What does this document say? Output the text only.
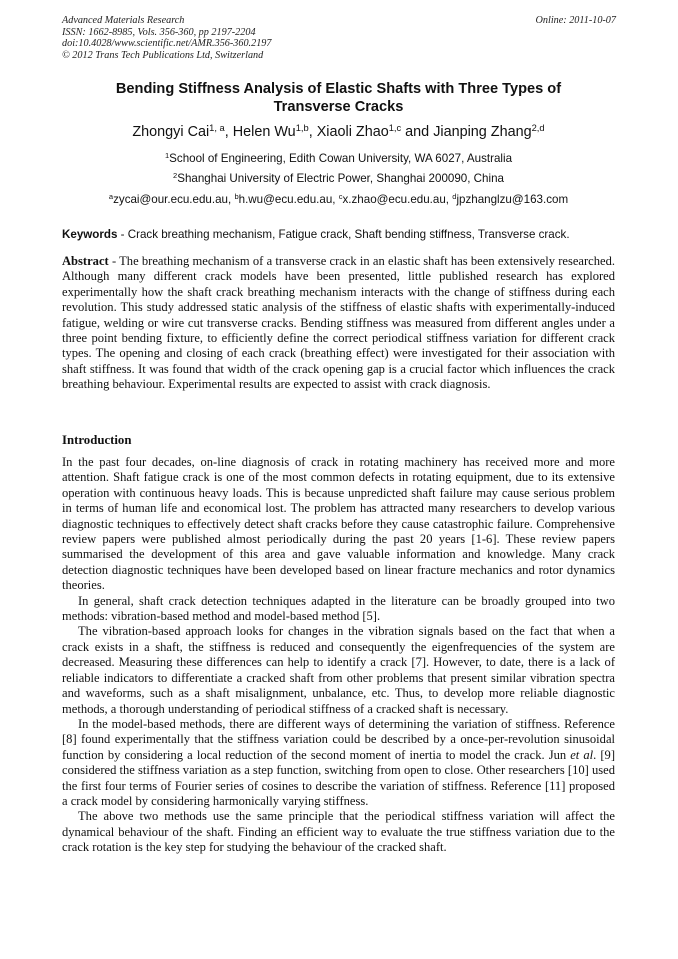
Advanced Materials Research	Online: 2011-10-07
ISSN: 1662-8985, Vols. 356-360, pp 2197-2204
doi:10.4028/www.scientific.net/AMR.356-360.2197
© 2012 Trans Tech Publications Ltd, Switzerland
Bending Stiffness Analysis of Elastic Shafts with Three Types of
Transverse Cracks
Zhongyi Cai$^{1, a}$, Helen Wu$^{1,b}$, Xiaoli Zhao$^{1,c}$ and Jianping Zhang$^{2,d}$
$^1$School of Engineering, Edith Cowan University, WA 6027, Australia
$^2$Shanghai University of Electric Power, Shanghai 200090, China
$^a$zycai@our.ecu.edu.au, $^b$h.wu@ecu.edu.au, $^c$x.zhao@ecu.edu.au, $^d$jpzhanglzu@163.com
Keywords - Crack breathing mechanism, Fatigue crack, Shaft bending stiffness, Transverse crack.
Abstract - The breathing mechanism of a transverse crack in an elastic shaft has been extensively researched. Although many different crack models have been presented, little published research has explored experimentally how the shaft crack breathing mechanism interacts with the change of stiffness during each revolution. This study addressed static analysis of the stiffness of elastic shafts with experimentally-induced fatigue, welding or wire cut transverse cracks. Bending stiffness was measured from different angles under a three point bending fixture, to efficiently define the correct periodical stiffness variation for different crack types. The opening and closing of each crack (breathing effect) were investigated for their association with shaft stiffness. It was found that width of the crack opening gap is a crucial factor which influences the crack breathing behaviour. Experimental results are expected to assist with crack diagnosis.
Introduction

In the past four decades, on-line diagnosis of crack in rotating machinery has received more and more attention. Shaft fatigue crack is one of the most common defects in rotating equipment, due to its extensive operation with continuous heavy loads. This is because unpredicted shaft failure may cause serious problem in terms of human life and economical lost. The problem has attracted many researchers to develop various diagnostic techniques to effectively detect shaft cracks before they cause catastrophic failure. Comprehensive review papers were published almost periodically during the past 20 years [1-6]. These review papers summarised the development of this area and gave valuable information and knowledge. Many crack detection diagnostic techniques have been developed based on linear fracture mechanics and rotor dynamics theories.

In general, shaft crack detection techniques adapted in the literature can be broadly grouped into two methods: vibration-based method and model-based method [5].

The vibration-based approach looks for changes in the vibration signals based on the fact that when a crack exists in a shaft, the stiffness is reduced and consequently the eigenfrequencies of the system are decreased. Measuring these differences can help to identify a crack [7]. However, to date, there is a lack of reliable indicators to differentiate a cracked shaft from other problems that present similar vibration spectra and waveforms, such as a shaft misalignment, unbalance, etc. Thus, to develop more reliable diagnostic methods, a thorough understanding of periodical stiffness of a cracked shaft is necessary.

In the model-based methods, there are different ways of determining the variation of stiffness. Reference [8] found experimentally that the stiffness variation could be described by a once-per-revolution sinusoidal function by considering a local reduction of the second moment of inertia to model the crack. Jun et al. [9] considered the stiffness variation as a step function, switching from open to close. Other researchers [10] used the first four terms of Fourier series of cosines to describe the variation of stiffness. Reference [11] proposed a crack model by considering harmonically varying stiffness.

The above two methods use the same principle that the periodical stiffness variation will affect the dynamical behaviour of the shaft. Finding an efficient way to evaluate the true stiffness variation due to the crack rotation is the key step for studying the behaviour of the cracked shaft.
